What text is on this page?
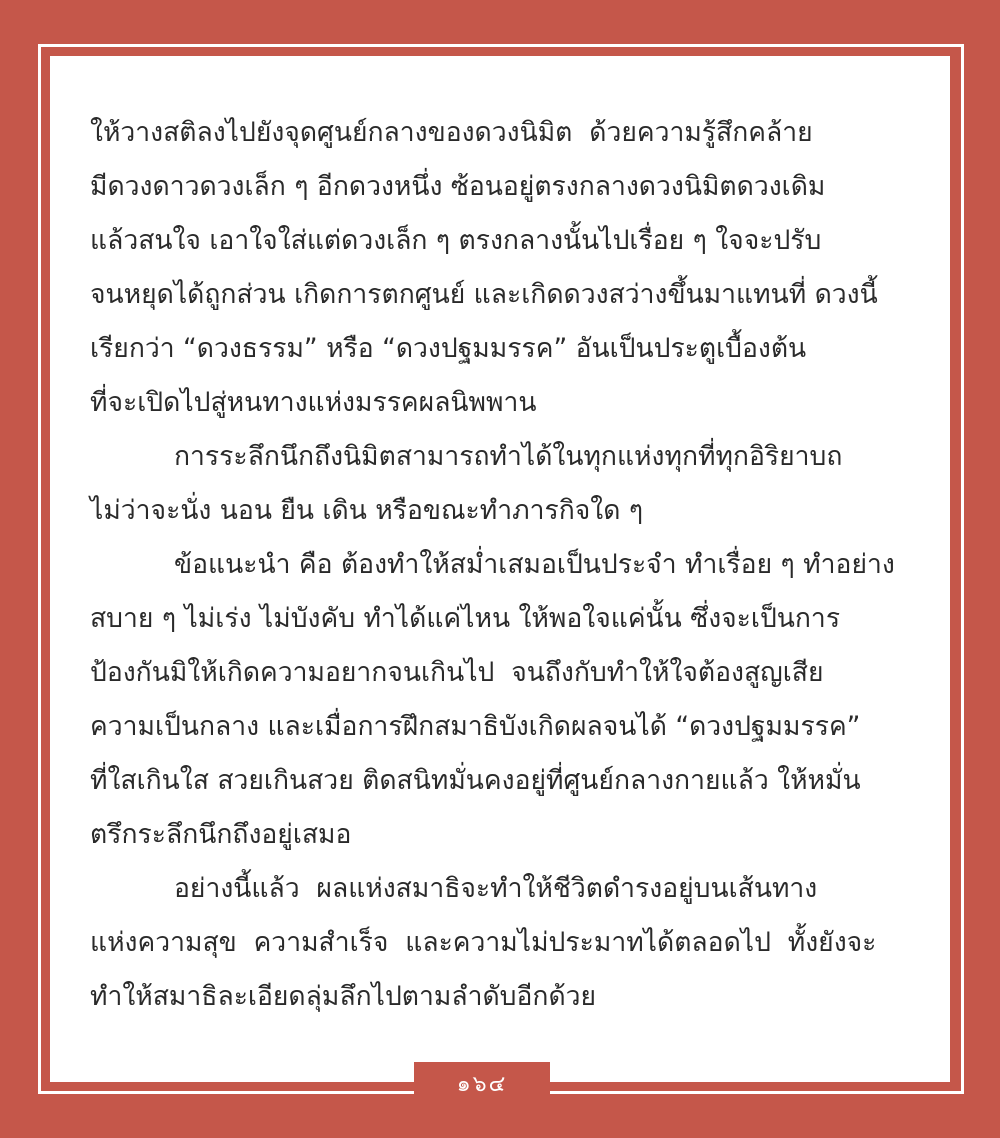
ให้วางสติลงไปยังจุดศูนย์กลางของดวงนิมิต  ด้วยความรู้สึกคล้าย

มีดวงดาวดวงเล็ก ๆ อีกดวงหนึ่ง ซ้อนอยู่ตรงกลางดวงนิมิตดวงเดิม

แล้วสนใจ เอาใจใส่แต่ดวงเล็ก ๆ ตรงกลางนั้นไปเรื่อย ๆ ใจจะปรับ

จนหยุดได้ถูกส่วน เกิดการตกศูนย์ และเกิดดวงสว่างขึ้นมาแทนที่ ดวงนี้

เรียกว่า “ดวงธรรม” หรือ “ดวงปฐมมรรค” อันเป็นประตูเบื้องต้น

ที่จะเปิดไปสู่หนทางแห่งมรรคผลนิพพาน

การระลึกนึกถึงนิมิตสามารถทำได้ในทุกแห่งทุกที่ทุกอิริยาบถ

ไม่ว่าจะนั่ง นอน ยืน เดิน หรือขณะทำภารกิจใด ๆ

ข้อแนะนำ คือ ต้องทำให้สม่ำเสมอเป็นประจำ ทำเรื่อย ๆ ทำอย่าง

สบาย ๆ ไม่เร่ง ไม่บังคับ ทำได้แค่ไหน ให้พอใจแค่นั้น ซึ่งจะเป็นการ

ป้องกันมิให้เกิดความอยากจนเกินไป  จนถึงกับทำให้ใจต้องสูญเสีย

ความเป็นกลาง และเมื่อการฝึกสมาธิบังเกิดผลจนได้ “ดวงปฐมมรรค”

ที่ใสเกินใส สวยเกินสวย ติดสนิทมั่นคงอยู่ที่ศูนย์กลางกายแล้ว ให้หมั่น

ตรึกระลึกนึกถึงอยู่เสมอ

อย่างนี้แล้ว  ผลแห่งสมาธิจะทำให้ชีวิตดำรงอยู่บนเส้นทาง

แห่งความสุข  ความสำเร็จ  และความไม่ประมาทได้ตลอดไป  ทั้งยังจะ

ทำให้สมาธิละเอียดลุ่มลึกไปตามลำดับอีกด้วย

๑๖๔
